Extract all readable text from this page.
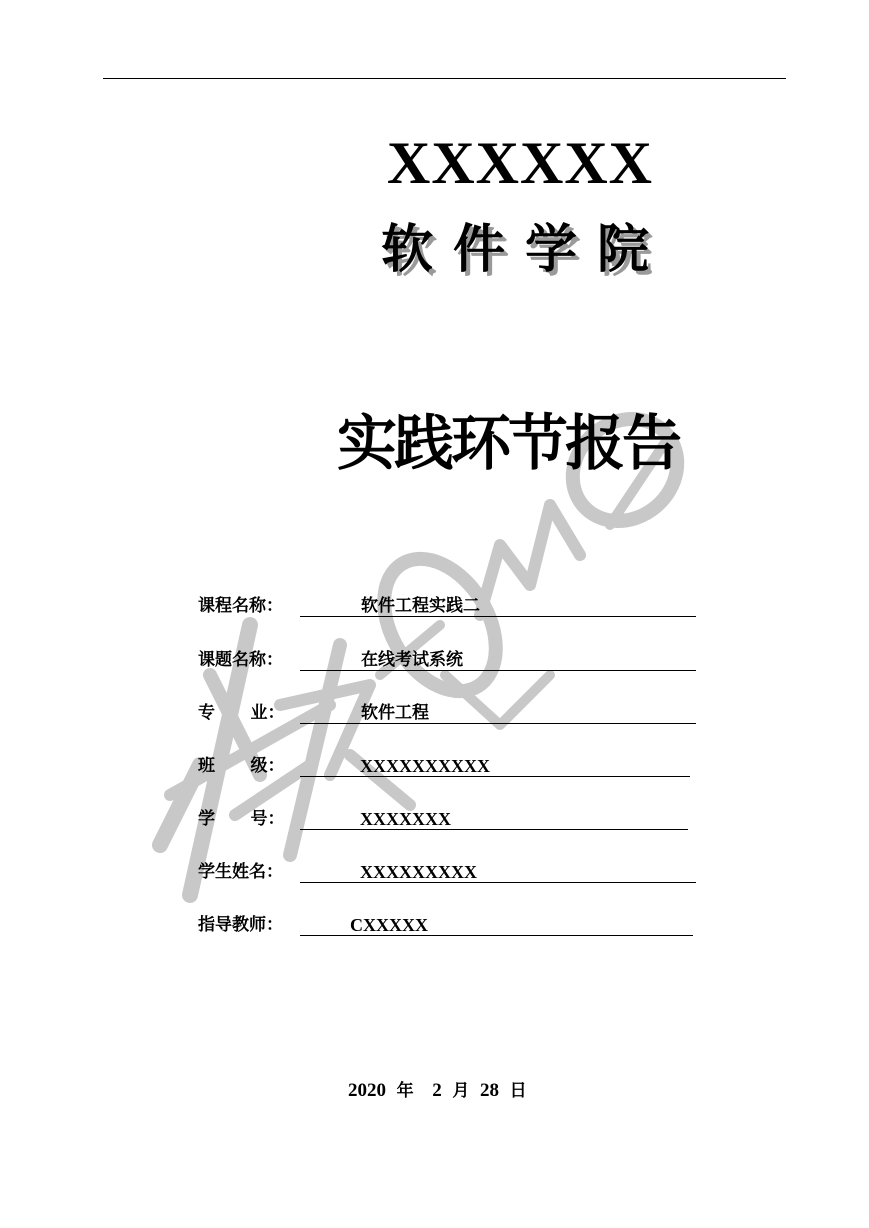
XXXXXX
软件学院
实践环节报告
课程名称：	软件工程实践二
课题名称：	在线考试系统
专      业：	软件工程
班      级：	XXXXXXXXXX
学      号：	XXXXXXX
学生姓名：	XXXXXXXXX
指导教师：	CXXXXX
2020 年 2 月 28 日
